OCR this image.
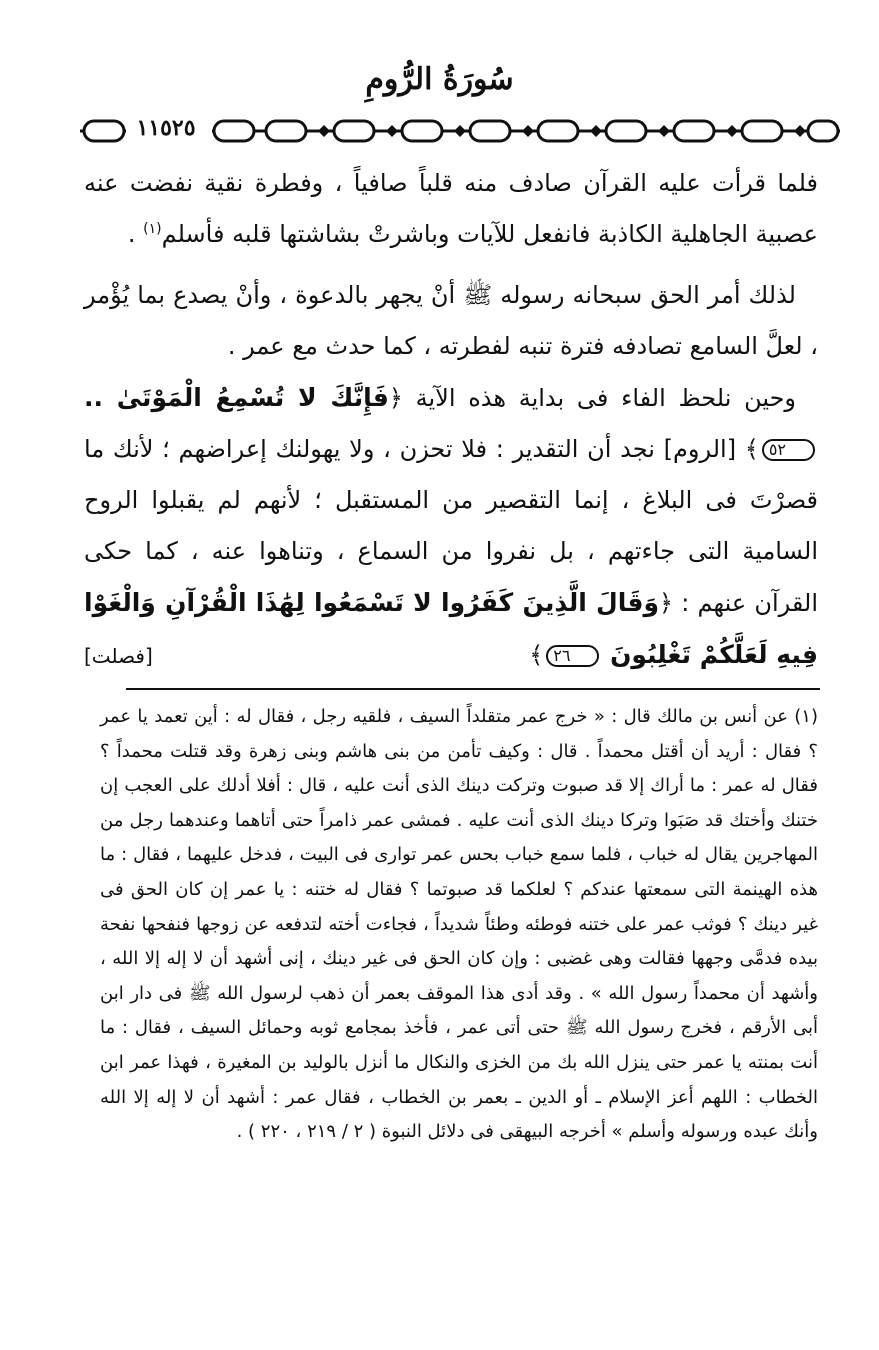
سُورَةُ الرُّومِ
١١٥٢٥

فلما قرأت عليه القرآن صادف منه قلباً صافياً ، وفطرة نقية نفضت عنه عصبية الجاهلية الكاذبة فانفعل للآيات وباشرتْ بشاشتها قلبه فأسلم$^{(١)}$ .

لذلك أمر الحق سبحانه رسوله ﷺ أنْ يجهر بالدعوة ، وأنْ يصدع بما يُؤْمر ، لعلَّ السامع تصادفه فترة تنبه لفطرته ، كما حدث مع عمر .

وحين نلحظ الفاء فى بداية هذه الآية ﴿فَإِنَّكَ لا تُسْمِعُ الْمَوْتَىٰ .. ٥٢﴾ [الروم] نجد أن التقدير : فلا تحزن ، ولا يهولنك إعراضهم ؛ لأنك ما قصرْتَ فى البلاغ ، إنما التقصير من المستقبل ؛ لأنهم لم يقبلوا الروح السامية التى جاءتهم ، بل نفروا من السماع ، وتناهوا عنه ، كما حكى القرآن عنهم : ﴿وَقَالَ الَّذِينَ كَفَرُوا لا تَسْمَعُوا لِهَٰذَا الْقُرْآنِ وَالْغَوْا فِيهِ لَعَلَّكُمْ تَغْلِبُونَ ٢٦﴾
[فصلت]

(١) عن أنس بن مالك قال : « خرج عمر متقلداً السيف ، فلقيه رجل ، فقال له : أين تعمد يا عمر ؟ فقال : أريد أن أقتل محمداً . قال : وكيف تأمن من بنى هاشم وبنى زهرة وقد قتلت محمداً ؟ فقال له عمر : ما أراك إلا قد صبوت وتركت دينك الذى أنت عليه ، قال : أفلا أدلك على العجب إن ختنك وأختك قد صَبَوا وتركا دينك الذى أنت عليه . فمشى عمر ذامراً حتى أتاهما وعندهما رجل من المهاجرين يقال له خباب ، فلما سمع خباب بحس عمر توارى فى البيت ، فدخل عليهما ، فقال : ما هذه الهينمة التى سمعتها عندكم ؟ لعلكما قد صبوتما ؟ فقال له ختنه : يا عمر إن كان الحق فى غير دينك ؟ فوثب عمر على ختنه فوطئه وطئاً شديداً ، فجاءت أخته لتدفعه عن زوجها فنفحها نفحة بيده فدمَّى وجهها فقالت وهى غضبى : وإن كان الحق فى غير دينك ، إنى أشهد أن لا إله إلا الله ، وأشهد أن محمداً رسول الله » . وقد أدى هذا الموقف بعمر أن ذهب لرسول الله ﷺ فى دار ابن أبى الأرقم ، فخرج رسول الله ﷺ حتى أتى عمر ، فأخذ بمجامع ثوبه وحمائل السيف ، فقال : ما أنت بمنته يا عمر حتى ينزل الله بك من الخزى والنكال ما أنزل بالوليد بن المغيرة ، فهذا عمر ابن الخطاب : اللهم أعز الإسلام ـ أو الدين ـ بعمر بن الخطاب ، فقال عمر : أشهد أن لا إله إلا الله وأنك عبده ورسوله وأسلم » أخرجه البيهقى فى دلائل النبوة ( ٢ / ٢١٩ ، ٢٢٠ ) .
